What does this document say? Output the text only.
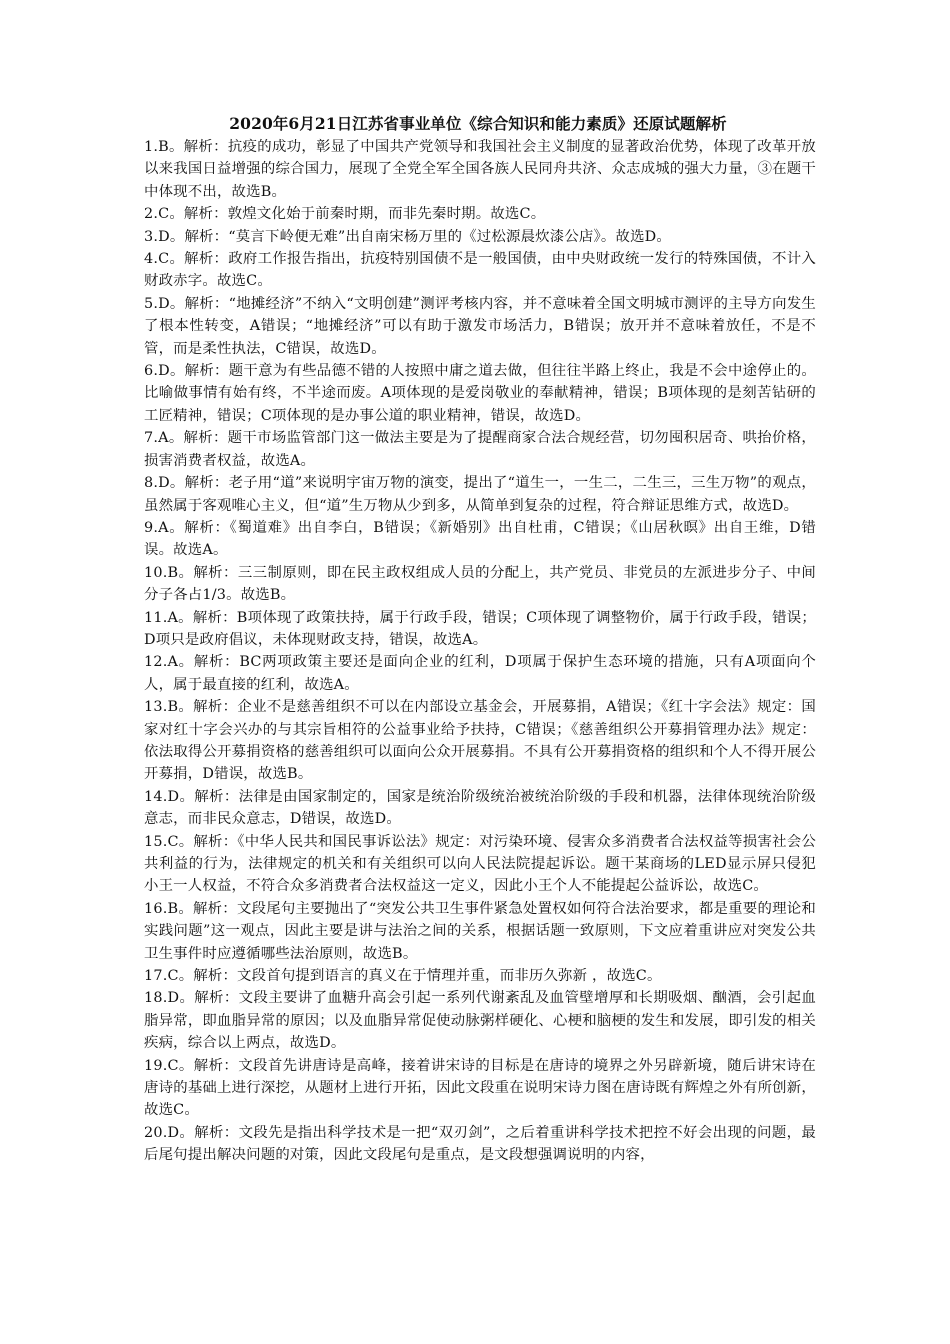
2020年6月21日江苏省事业单位《综合知识和能力素质》还原试题解析

1.B。解析：抗疫的成功，彰显了中国共产党领导和我国社会主义制度的显著政治优势，体现了改革开放以来我国日益增强的综合国力，展现了全党全军全国各族人民同舟共济、众志成城的强大力量，③在题干中体现不出，故选B。

2.C。解析：敦煌文化始于前秦时期，而非先秦时期。故选C。

3.D。解析：“莫言下岭便无难”出自南宋杨万里的《过松源晨炊漆公店》。故选D。

4.C。解析：政府工作报告指出，抗疫特别国债不是一般国债，由中央财政统一发行的特殊国债，不计入财政赤字。故选C。

5.D。解析：“地摊经济”不纳入“文明创建”测评考核内容，并不意味着全国文明城市测评的主导方向发生了根本性转变，A错误；“地摊经济”可以有助于激发市场活力，B错误；放开并不意味着放任，不是不管，而是柔性执法，C错误，故选D。

6.D。解析：题干意为有些品德不错的人按照中庸之道去做，但往往半路上终止，我是不会中途停止的。比喻做事情有始有终，不半途而废。A项体现的是爱岗敬业的奉献精神，错误；B项体现的是刻苦钻研的工匠精神，错误；C项体现的是办事公道的职业精神，错误，故选D。

7.A。解析：题干市场监管部门这一做法主要是为了提醒商家合法合规经营，切勿囤积居奇、哄抬价格，损害消费者权益，故选A。

8.D。解析：老子用“道”来说明宇宙万物的演变，提出了“道生一，一生二，二生三，三生万物”的观点，虽然属于客观唯心主义，但“道”生万物从少到多，从简单到复杂的过程，符合辩证思维方式，故选D。

9.A。解析：《蜀道难》出自李白，B错误；《新婚别》出自杜甫，C错误；《山居秋暝》出自王维，D错误。故选A。

10.B。解析：三三制原则，即在民主政权组成人员的分配上，共产党员、非党员的左派进步分子、中间分子各占1/3。故选B。

11.A。解析：B项体现了政策扶持，属于行政手段，错误；C项体现了调整物价，属于行政手段，错误；D项只是政府倡议，未体现财政支持，错误，故选A。

12.A。解析：BC两项政策主要还是面向企业的红利，D项属于保护生态环境的措施，只有A项面向个人，属于最直接的红利，故选A。

13.B。解析：企业不是慈善组织不可以在内部设立基金会，开展募捐，A错误；《红十字会法》规定：国家对红十字会兴办的与其宗旨相符的公益事业给予扶持，C错误；《慈善组织公开募捐管理办法》规定：依法取得公开募捐资格的慈善组织可以面向公众开展募捐。不具有公开募捐资格的组织和个人不得开展公开募捐，D错误，故选B。

14.D。解析：法律是由国家制定的，国家是统治阶级统治被统治阶级的手段和机器，法律体现统治阶级意志，而非民众意志，D错误，故选D。

15.C。解析：《中华人民共和国民事诉讼法》规定：对污染环境、侵害众多消费者合法权益等损害社会公共利益的行为，法律规定的机关和有关组织可以向人民法院提起诉讼。题干某商场的LED显示屏只侵犯小王一人权益，不符合众多消费者合法权益这一定义，因此小王个人不能提起公益诉讼，故选C。

16.B。解析：文段尾句主要抛出了“突发公共卫生事件紧急处置权如何符合法治要求，都是重要的理论和实践问题”这一观点，因此主要是讲与法治之间的关系，根据话题一致原则，下文应着重讲应对突发公共卫生事件时应遵循哪些法治原则，故选B。

17.C。解析：文段首句提到语言的真义在于情理并重，而非历久弥新 ，故选C。

18.D。解析：文段主要讲了血糖升高会引起一系列代谢紊乱及血管壁增厚和长期吸烟、酗酒，会引起血脂异常，即血脂异常的原因；以及血脂异常促使动脉粥样硬化、心梗和脑梗的发生和发展，即引发的相关疾病，综合以上两点，故选D。

19.C。解析：文段首先讲唐诗是高峰，接着讲宋诗的目标是在唐诗的境界之外另辟新境，随后讲宋诗在唐诗的基础上进行深挖，从题材上进行开拓，因此文段重在说明宋诗力图在唐诗既有辉煌之外有所创新，故选C。

20.D。解析：文段先是指出科学技术是一把“双刃剑”，之后着重讲科学技术把控不好会出现的问题，最后尾句提出解决问题的对策，因此文段尾句是重点，是文段想强调说明的内容，
